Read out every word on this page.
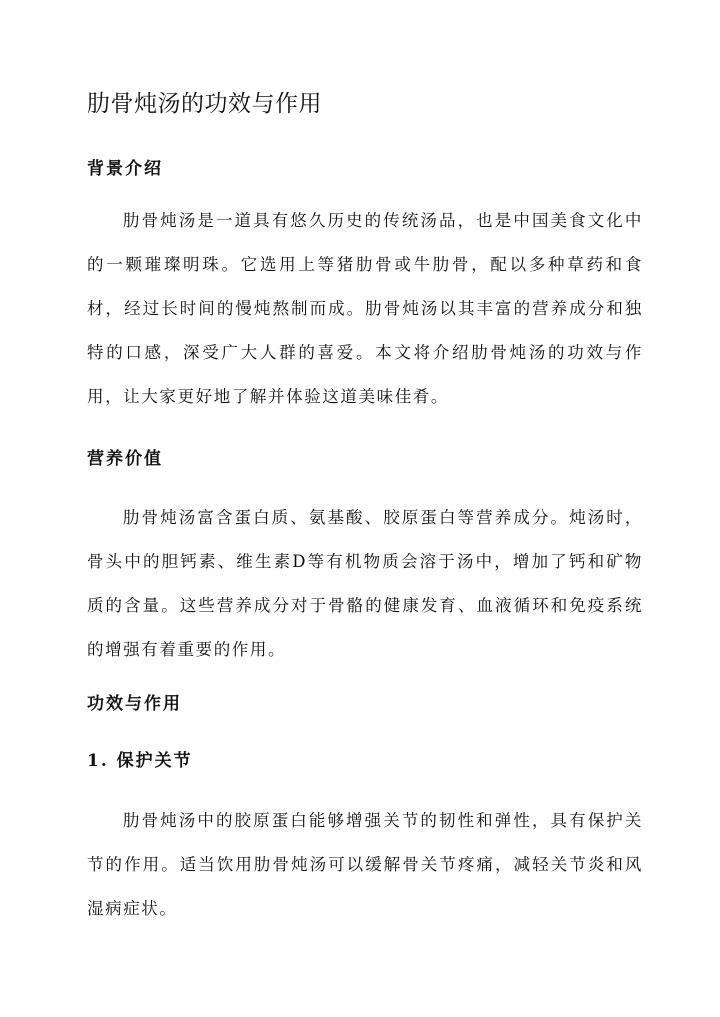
肋骨炖汤的功效与作用
背景介绍

肋骨炖汤是一道具有悠久历史的传统汤品，也是中国美食文化中的一颗璀璨明珠。它选用上等猪肋骨或牛肋骨，配以多种草药和食材，经过长时间的慢炖熬制而成。肋骨炖汤以其丰富的营养成分和独特的口感，深受广大人群的喜爱。本文将介绍肋骨炖汤的功效与作用，让大家更好地了解并体验这道美味佳肴。

营养价值

肋骨炖汤富含蛋白质、氨基酸、胶原蛋白等营养成分。炖汤时，骨头中的胆钙素、维生素D等有机物质会溶于汤中，增加了钙和矿物质的含量。这些营养成分对于骨骼的健康发育、血液循环和免疫系统的增强有着重要的作用。

功效与作用
1. 保护关节

肋骨炖汤中的胶原蛋白能够增强关节的韧性和弹性，具有保护关节的作用。适当饮用肋骨炖汤可以缓解骨关节疼痛，减轻关节炎和风湿病症状。
